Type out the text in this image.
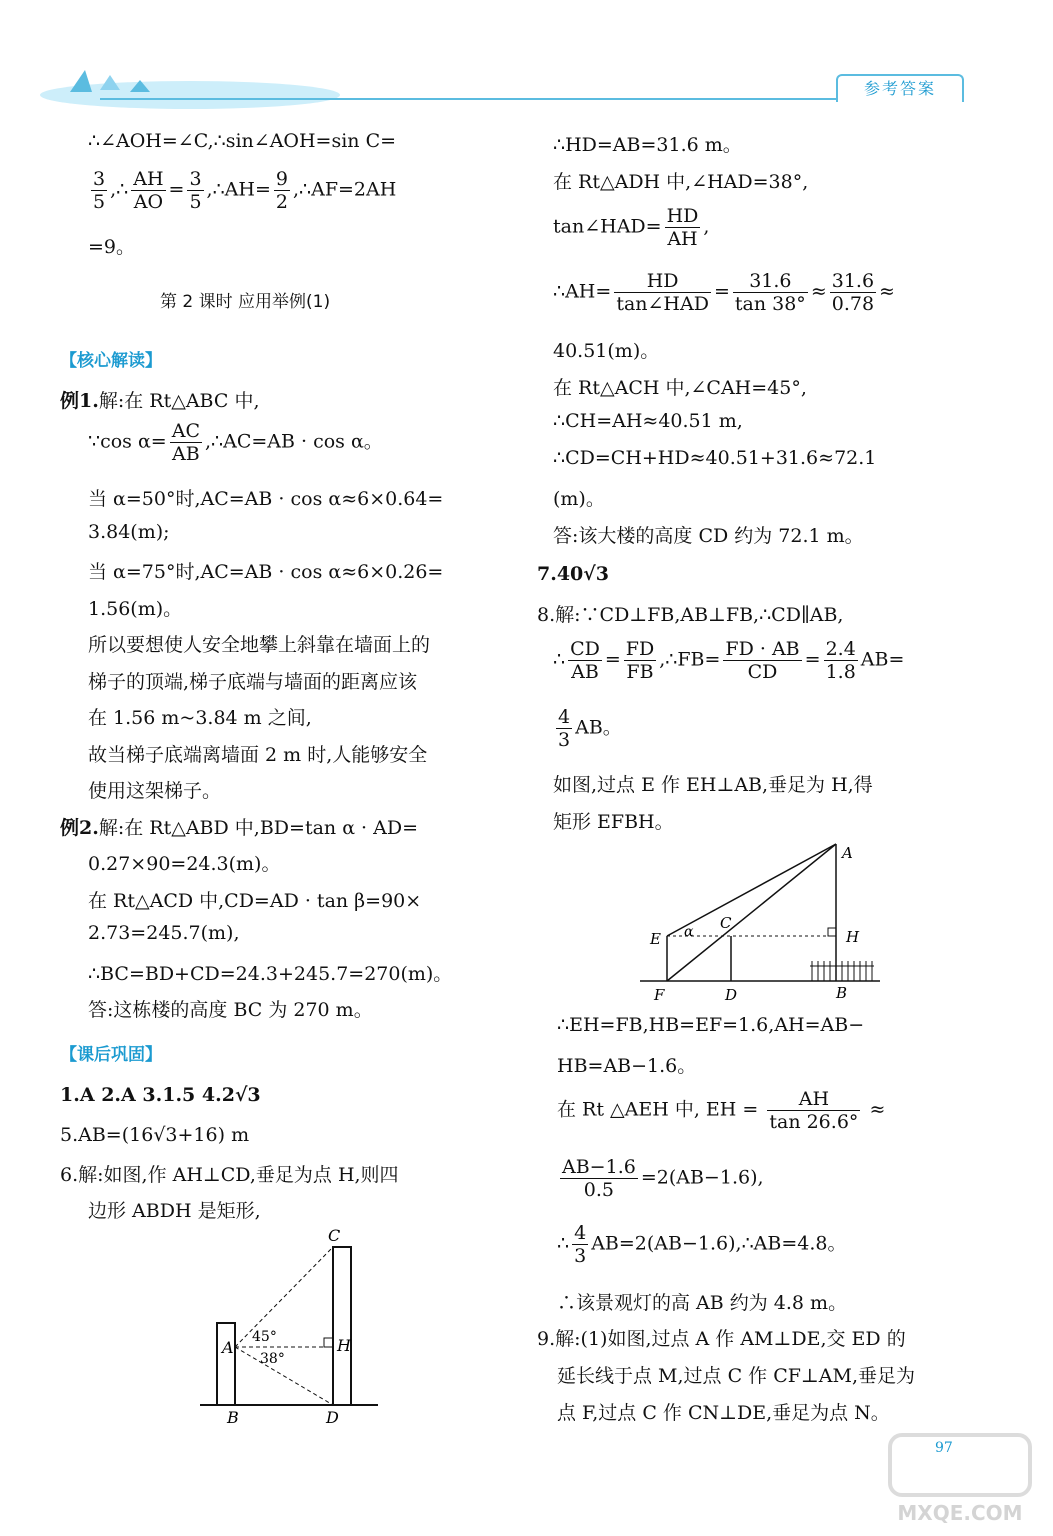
参考答案
∴∠AOH=∠C,∴sin∠AOH=sin C=
$\frac{3}{5}$ ,∴ $\frac{AH}{AO} = \frac{3}{5}$ ,∴AH= $\frac{9}{2}$ ,∴AF=2AH
=9。
第 2 课时 应用举例(1)
【核心解读】
例1.解:在 Rt△ABC 中,
∵cos $\alpha= \frac{AC}{AB}$ ,∴AC=AB · cos α。
当 α=50°时,AC=AB · cos α≈6×0.64=
3.84(m);
当 α=75°时,AC=AB · cos α≈6×0.26=
1.56(m)。
所以要想使人安全地攀上斜靠在墙面上的
梯子的顶端,梯子底端与墙面的距离应该
在 1.56 m~3.84 m 之间,
故当梯子底端离墙面 2 m 时,人能够安全
使用这架梯子。
例2.解:在 Rt△ABD 中,BD=tan α · AD=
0.27×90=24.3(m)。
在 Rt△ACD 中,CD=AD · tan β=90×
2.73=245.7(m),
∴BC=BD+CD=24.3+245.7=270(m)。
答:这栋楼的高度 BC 为 270 m。
【课后巩固】
1.A 2.A 3.1.5 4.2√3
5.AB=(16√3+16) m
6.解:如图,作 AH⊥CD,垂足为点 H,则四
边形 ABDH 是矩形,
C
A	H
B	D
45°
38°
∴HD=AB=31.6 m。
在 Rt△ADH 中,∠HAD=38°,
tan∠HAD= $\frac{HD}{AH}$ ,
∴AH= $\frac{HD}{\text{tan∠HAD}} = \frac{31.6}{\tan 38^\circ} \approx \frac{31.6}{0.78}$ ≈
40.51(m)。
在 Rt△ACH 中,∠CAH=45°,
∴CH=AH≈40.51 m,
∴CD=CH+HD≈40.51+31.6≈72.1
(m)。
答:该大楼的高度 CD 约为 72.1 m。
7.40√3
8.解:∵CD⊥FB,AB⊥FB,∴CD∥AB,
∴ $\frac{CD}{AB} = \frac{FD}{FB}$ ,∴FB= $\frac{FD \cdot AB}{CD} = \frac{2.4}{1.8} AB=$
$\frac{4}{3}$ AB。
如图,过点 E 作 EH⊥AB,垂足为 H,得
矩形 EFBH。
A
E
C
H
F	D	B
α
∴EH=FB,HB=EF=1.6,AH=AB−
HB=AB−1.6。
在 Rt △AEH 中, EH = $\frac{AH}{\tan 26.6^\circ}$ ≈
$\frac{AB-1.6}{0.5} =2(AB-1.6)$,
∴ $\frac{4}{3}$ AB=2(AB−1.6),∴AB=4.8。
∴该景观灯的高 AB 约为 4.8 m。
9.解:(1)如图,过点 A 作 AM⊥DE,交 ED 的
延长线于点 M,过点 C 作 CF⊥AM,垂足为
点 F,过点 C 作 CN⊥DE,垂足为点 N。
97
MXQE.COM
